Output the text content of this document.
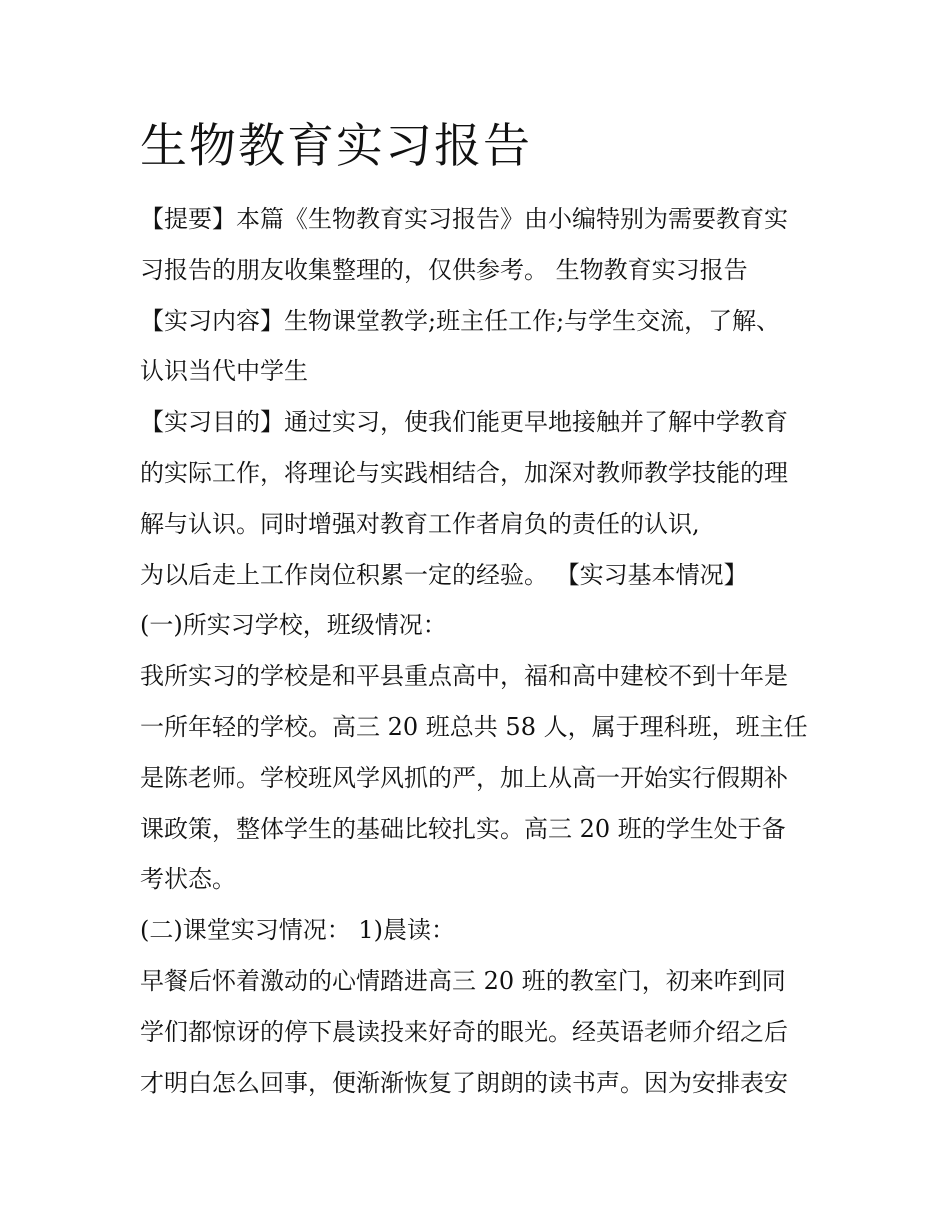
生物教育实习报告

【提要】本篇《生物教育实习报告》由小编特别为需要教育实

习报告的朋友收集整理的，仅供参考。 生物教育实习报告

【实习内容】生物课堂教学;班主任工作;与学生交流，了解、

认识当代中学生

【实习目的】通过实习，使我们能更早地接触并了解中学教育

的实际工作，将理论与实践相结合，加深对教师教学技能的理

解与认识。同时增强对教育工作者肩负的责任的认识,

为以后走上工作岗位积累一定的经验。 【实习基本情况】

(一)所实习学校，班级情况：

我所实习的学校是和平县重点高中，福和高中建校不到十年是

一所年轻的学校。高三 20 班总共 58 人，属于理科班，班主任

是陈老师。学校班风学风抓的严，加上从高一开始实行假期补

课政策，整体学生的基础比较扎实。高三 20 班的学生处于备

考状态。

(二)课堂实习情况： 1)晨读：

早餐后怀着激动的心情踏进高三 20 班的教室门，初来咋到同

学们都惊讶的停下晨读投来好奇的眼光。经英语老师介绍之后

才明白怎么回事，便渐渐恢复了朗朗的读书声。因为安排表安
